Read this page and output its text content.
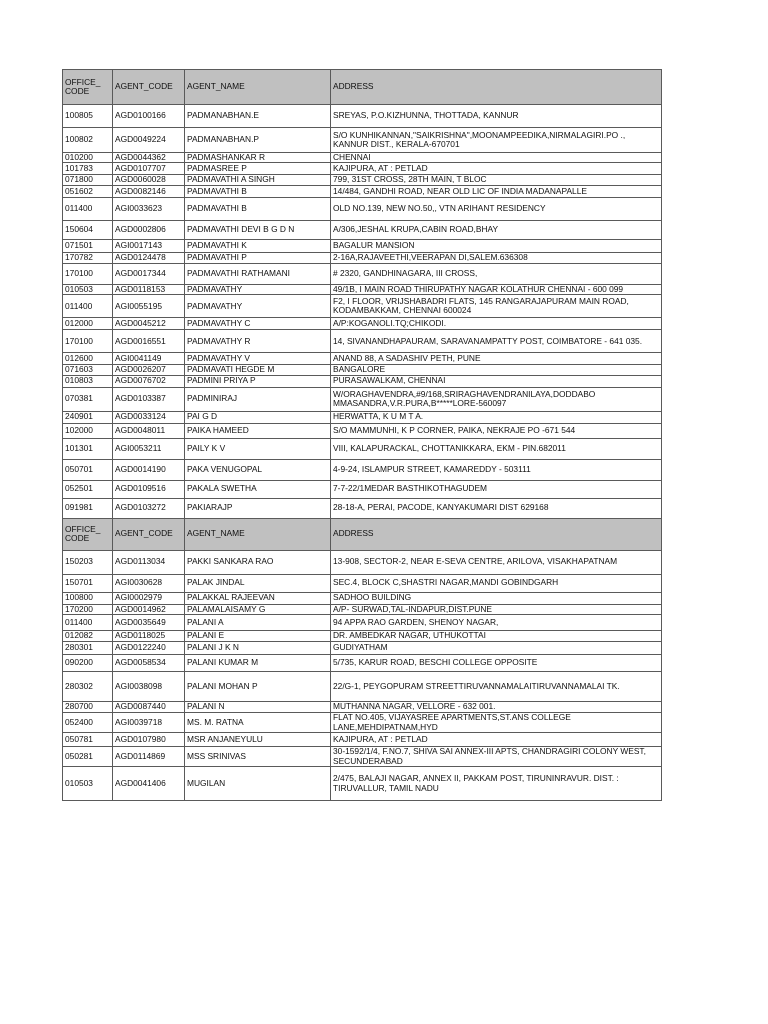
OFFICE_ CODE	AGENT_CODE	AGENT_NAME	ADDRESS
100805	AGD0100166	PADMANABHAN.E	SREYAS, P.O.KIZHUNNA, THOTTADA, KANNUR
100802	AGD0049224	PADMANABHAN.P	S/O KUNHIKANNAN,"SAIKRISHNA",MOONAMPEEDIKA,NIRMALAGIRI.PO ., KANNUR DIST., KERALA-670701
010200	AGD0044362	PADMASHANKAR R	CHENNAI
101783	AGD0107707	PADMASREE P	KAJIPURA, AT : PETLAD
071800	AGD0060028	PADMAVATHI A SINGH	799, 31ST CROSS, 28TH MAIN, T BLOC
051602	AGD0082146	PADMAVATHI B	14/484, GANDHI ROAD, NEAR OLD LIC OF INDIA MADANAPALLE
011400	AGI0033623	PADMAVATHI B	OLD NO.139, NEW NO.50,, VTN ARIHANT RESIDENCY
150604	AGD0002806	PADMAVATHI DEVI B G D N	A/306,JESHAL KRUPA,CABIN ROAD,BHAY
071501	AGI0017143	PADMAVATHI K	BAGALUR MANSION
170782	AGD0124478	PADMAVATHI P	2-16A,RAJAVEETHI,VEERAPAN DI,SALEM.636308
170100	AGD0017344	PADMAVATHI RATHAMANI	# 2320, GANDHINAGARA, III CROSS,
010503	AGD0118153	PADMAVATHY	49/1B, I MAIN ROAD THIRUPATHY NAGAR KOLATHUR CHENNAI - 600 099
011400	AGI0055195	PADMAVATHY	F2, I FLOOR, VRIJSHABADRI FLATS, 145 RANGARAJAPURAM MAIN ROAD, KODAMBAKKAM, CHENNAI 600024
012000	AGD0045212	PADMAVATHY C	A/P:KOGANOLI.TQ;CHIKODI.
170100	AGD0016551	PADMAVATHY R	14, SIVANANDHAPAURAM, SARAVANAMPATTY POST, COIMBATORE - 641 035.
012600	AGI0041149	PADMAVATHY V	ANAND 88, A SADASHIV PETH, PUNE
071603	AGD0026207	PADMAVATI HEGDE M	BANGALORE
010803	AGD0076702	PADMINI PRIYA P	PURASAWALKAM, CHENNAI
070381	AGD0103387	PADMINIRAJ	W/ORAGHAVENDRA,#9/168,SRIRAGHAVENDRANILAYA,DODDABO MMASANDRA,V.R.PURA,B*****LORE-560097
240901	AGD0033124	PAI G D	HERWATTA, K U M T A.
102000	AGD0048011	PAIKA HAMEED	S/O MAMMUNHI, K P CORNER, PAIKA, NEKRAJE PO -671 544
101301	AGI0053211	PAILY K V	VIII, KALAPURACKAL, CHOTTANIKKARA, EKM - PIN.682011
050701	AGD0014190	PAKA VENUGOPAL	4-9-24, ISLAMPUR STREET, KAMAREDDY - 503111
052501	AGD0109516	PAKALA SWETHA	7-7-22/1MEDAR BASTHIKOTHAGUDEM
091981	AGD0103272	PAKIARAJP	28-18-A, PERAI, PACODE, KANYAKUMARI DIST 629168
OFFICE_ CODE	AGENT_CODE	AGENT_NAME	ADDRESS
150203	AGD0113034	PAKKI SANKARA RAO	13-908, SECTOR-2, NEAR E-SEVA CENTRE, ARILOVA, VISAKHAPATNAM
150701	AGI0030628	PALAK JINDAL	SEC.4, BLOCK C,SHASTRI NAGAR,MANDI GOBINDGARH
100800	AGI0002979	PALAKKAL RAJEEVAN	SADHOO BUILDING
170200	AGD0014962	PALAMALAISAMY G	A/P- SURWAD,TAL-INDAPUR,DIST.PUNE
011400	AGD0035649	PALANI A	94 APPA RAO GARDEN, SHENOY NAGAR,
012082	AGD0118025	PALANI E	DR. AMBEDKAR NAGAR, UTHUKOTTAI
280301	AGD0122240	PALANI J K N	GUDIYATHAM
090200	AGD0058534	PALANI KUMAR M	5/735, KARUR ROAD, BESCHI COLLEGE OPPOSITE
280302	AGI0038098	PALANI MOHAN P	22/G-1, PEYGOPURAM STREETTIRUVANNAMALAITIRUVANNAMALAI TK.
280700	AGD0087440	PALANI N	MUTHANNA NAGAR, VELLORE - 632 001.
052400	AGI0039718	MS. M. RATNA	FLAT NO.405, VIJAYASREE APARTMENTS,ST.ANS COLLEGE LANE,MEHDIPATNAM,HYD
050781	AGD0107980	MSR ANJANEYULU	KAJIPURA, AT : PETLAD
050281	AGD0114869	MSS SRINIVAS	30-1592/1/4, F.NO.7, SHIVA SAI ANNEX-III APTS, CHANDRAGIRI COLONY WEST, SECUNDERABAD
010503	AGD0041406	MUGILAN	2/475, BALAJI NAGAR, ANNEX II, PAKKAM POST, TIRUNINRAVUR. DIST. : TIRUVALLUR, TAMIL NADU
